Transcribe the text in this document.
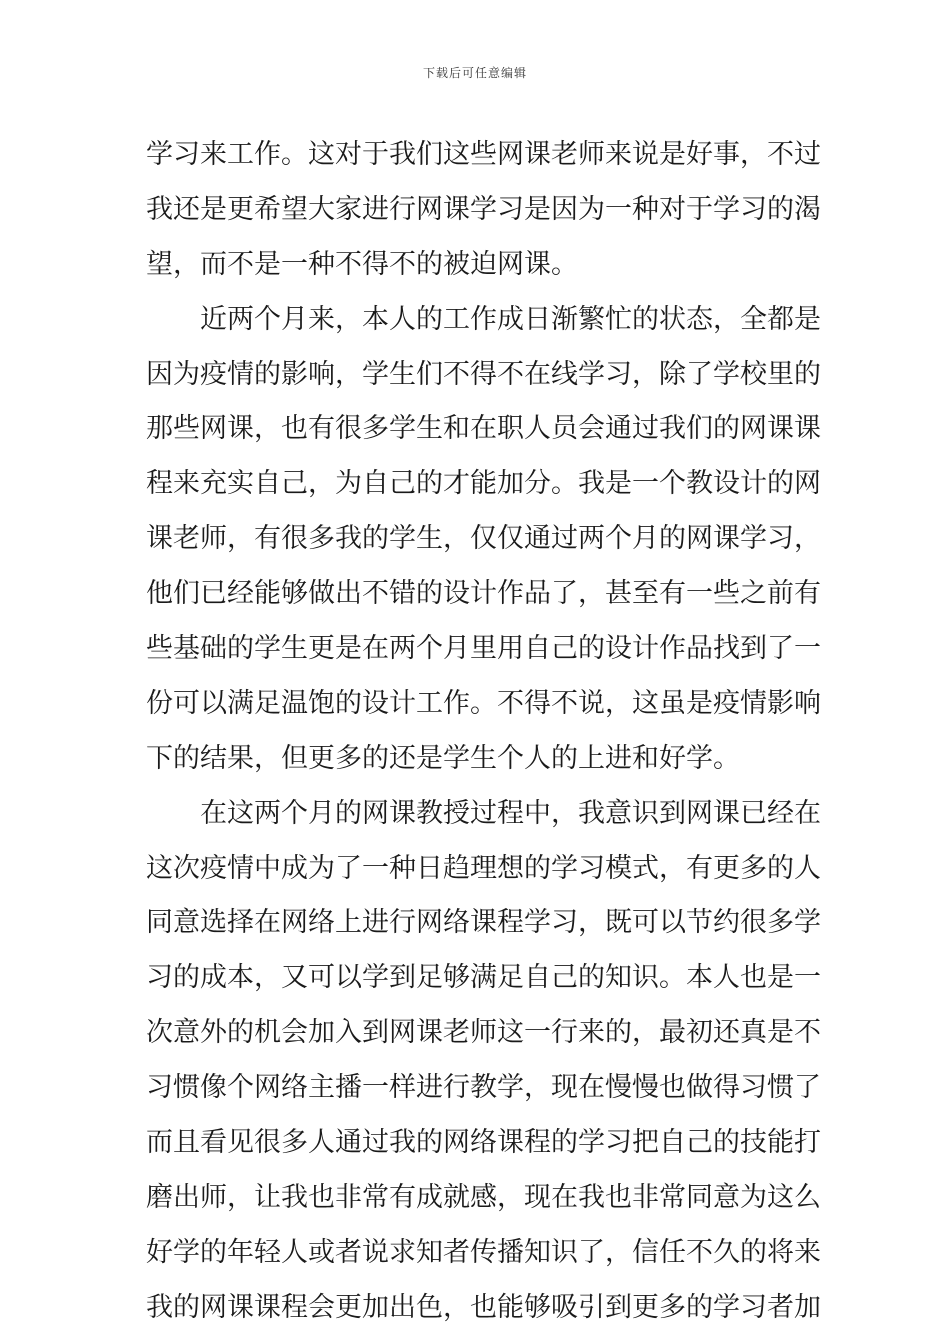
下载后可任意编辑
学习来工作。这对于我们这些网课老师来说是好事，不过
我还是更希望大家进行网课学习是因为一种对于学习的渴
望，而不是一种不得不的被迫网课。
近两个月来，本人的工作成日渐繁忙的状态，全都是
因为疫情的影响，学生们不得不在线学习，除了学校里的
那些网课，也有很多学生和在职人员会通过我们的网课课
程来充实自己，为自己的才能加分。我是一个教设计的网
课老师，有很多我的学生，仅仅通过两个月的网课学习，
他们已经能够做出不错的设计作品了，甚至有一些之前有
些基础的学生更是在两个月里用自己的设计作品找到了一
份可以满足温饱的设计工作。不得不说，这虽是疫情影响
下的结果，但更多的还是学生个人的上进和好学。
在这两个月的网课教授过程中，我意识到网课已经在
这次疫情中成为了一种日趋理想的学习模式，有更多的人
同意选择在网络上进行网络课程学习，既可以节约很多学
习的成本，又可以学到足够满足自己的知识。本人也是一
次意外的机会加入到网课老师这一行来的，最初还真是不
习惯像个网络主播一样进行教学，现在慢慢也做得习惯了
而且看见很多人通过我的网络课程的学习把自己的技能打
磨出师，让我也非常有成就感，现在我也非常同意为这么
好学的年轻人或者说求知者传播知识了，信任不久的将来
我的网课课程会更加出色，也能够吸引到更多的学习者加
